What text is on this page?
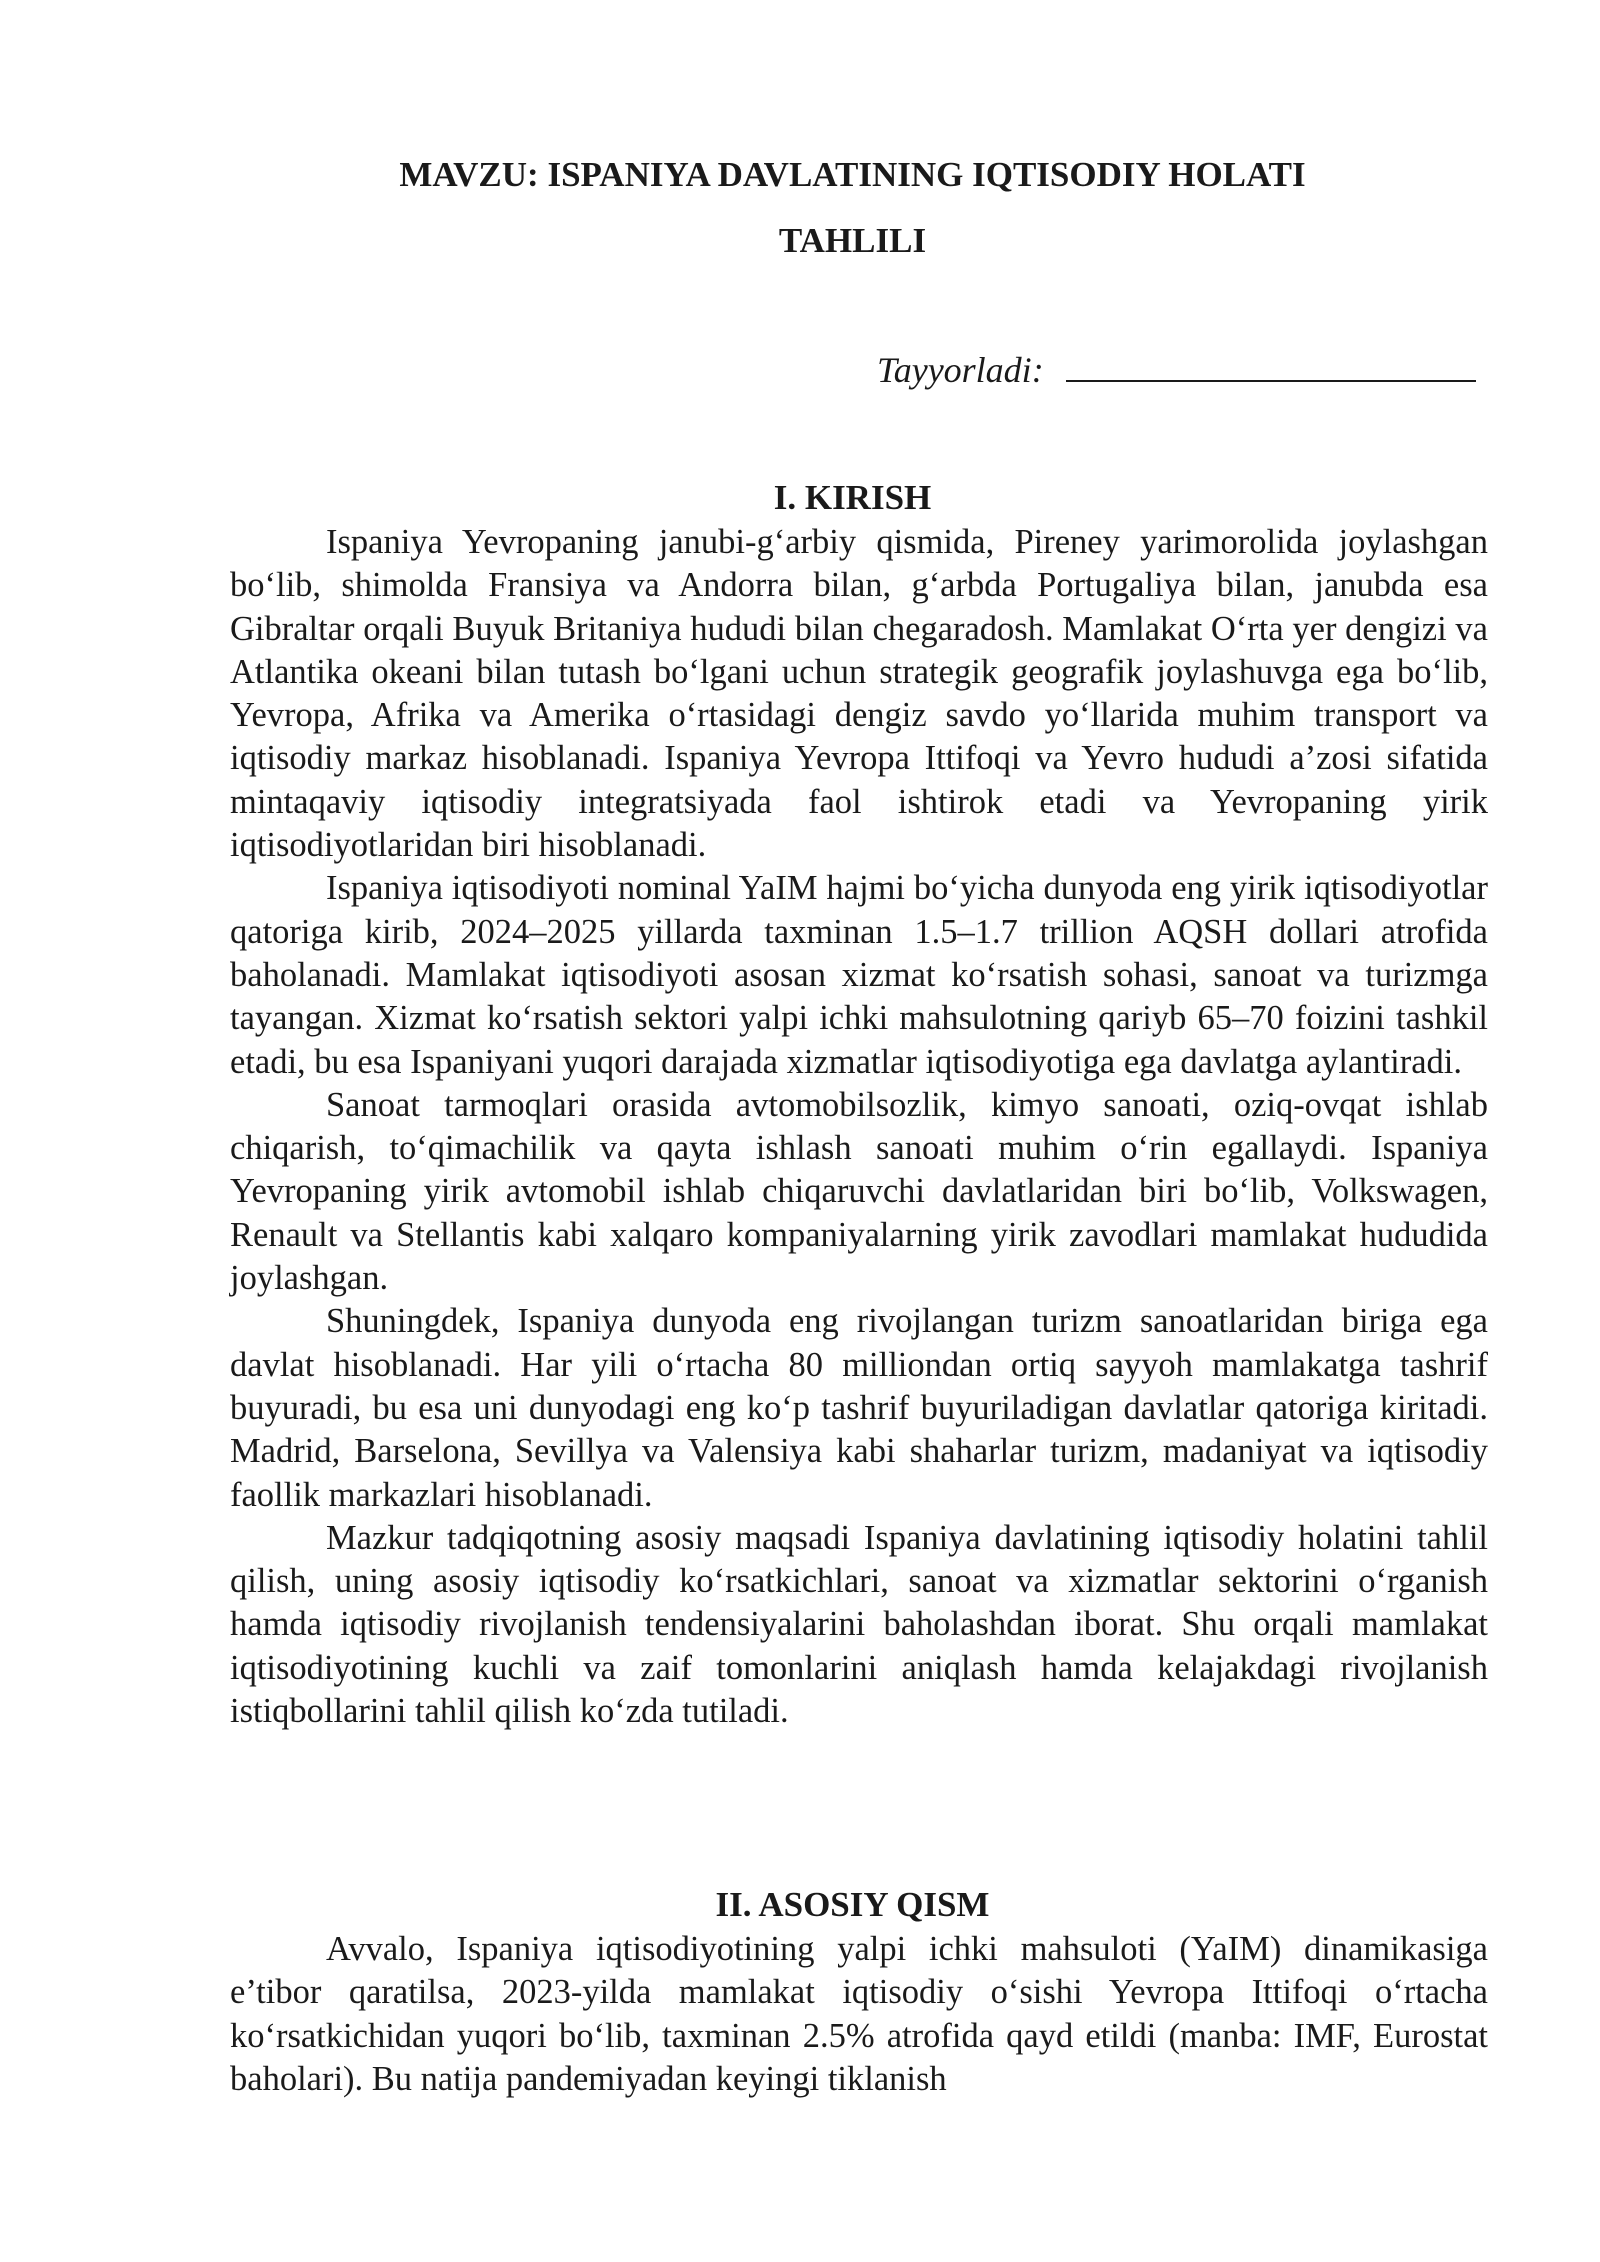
MAVZU: ISPANIYA DAVLATINING IQTISODIY HOLATI
TAHLILI
Tayyorladi:
I. KIRISH

Ispaniya Yevropaning janubi-g‘arbiy qismida, Pireney yarimorolida joylashgan bo‘lib, shimolda Fransiya va Andorra bilan, g‘arbda Portugaliya bilan, janubda esa Gibraltar orqali Buyuk Britaniya hududi bilan chegaradosh. Mamlakat O‘rta yer dengizi va Atlantika okeani bilan tutash bo‘lgani uchun strategik geografik joylashuvga ega bo‘lib, Yevropa, Afrika va Amerika o‘rtasidagi dengiz savdo yo‘llarida muhim transport va iqtisodiy markaz hisoblanadi. Ispaniya Yevropa Ittifoqi va Yevro hududi a’zosi sifatida mintaqaviy iqtisodiy integratsiyada faol ishtirok etadi va Yevropaning yirik iqtisodiyotlaridan biri hisoblanadi.

Ispaniya iqtisodiyoti nominal YaIM hajmi bo‘yicha dunyoda eng yirik iqtisodiyotlar qatoriga kirib, 2024–2025 yillarda taxminan 1.5–1.7 trillion AQSH dollari atrofida baholanadi. Mamlakat iqtisodiyoti asosan xizmat ko‘rsatish sohasi, sanoat va turizmga tayangan. Xizmat ko‘rsatish sektori yalpi ichki mahsulotning qariyb 65–70 foizini tashkil etadi, bu esa Ispaniyani yuqori darajada xizmatlar iqtisodiyotiga ega davlatga aylantiradi.

Sanoat tarmoqlari orasida avtomobilsozlik, kimyo sanoati, oziq-ovqat ishlab chiqarish, to‘qimachilik va qayta ishlash sanoati muhim o‘rin egallaydi. Ispaniya Yevropaning yirik avtomobil ishlab chiqaruvchi davlatlaridan biri bo‘lib, Volkswagen, Renault va Stellantis kabi xalqaro kompaniyalarning yirik zavodlari mamlakat hududida joylashgan.

Shuningdek, Ispaniya dunyoda eng rivojlangan turizm sanoatlaridan biriga ega davlat hisoblanadi. Har yili o‘rtacha 80 milliondan ortiq sayyoh mamlakatga tashrif buyuradi, bu esa uni dunyodagi eng ko‘p tashrif buyuriladigan davlatlar qatoriga kiritadi. Madrid, Barselona, Sevillya va Valensiya kabi shaharlar turizm, madaniyat va iqtisodiy faollik markazlari hisoblanadi.

Mazkur tadqiqotning asosiy maqsadi Ispaniya davlatining iqtisodiy holatini tahlil qilish, uning asosiy iqtisodiy ko‘rsatkichlari, sanoat va xizmatlar sektorini o‘rganish hamda iqtisodiy rivojlanish tendensiyalarini baholashdan iborat. Shu orqali mamlakat iqtisodiyotining kuchli va zaif tomonlarini aniqlash hamda kelajakdagi rivojlanish istiqbollarini tahlil qilish ko‘zda tutiladi.

II. ASOSIY QISM

Avvalo, Ispaniya iqtisodiyotining yalpi ichki mahsuloti (YaIM) dinamikasiga e’tibor qaratilsa, 2023-yilda mamlakat iqtisodiy o‘sishi Yevropa Ittifoqi o‘rtacha ko‘rsatkichidan yuqori bo‘lib, taxminan 2.5% atrofida qayd etildi (manba: IMF, Eurostat baholari). Bu natija pandemiyadan keyingi tiklanish
